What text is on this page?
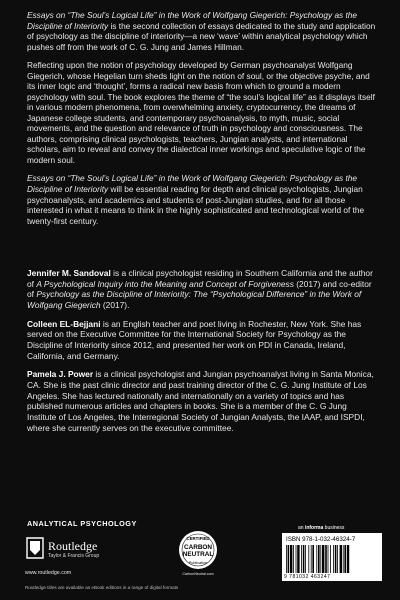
Essays on “The Soul’s Logical Life” in the Work of Wolfgang Giegerich: Psychology as the Discipline of Interiority is the second collection of essays dedicated to the study and application of psychology as the discipline of interiority—a new ‘wave’ within analytical psychology which pushes off from the work of C. G. Jung and James Hillman.

Reflecting upon the notion of psychology developed by German psychoanalyst Wolfgang Giegerich, whose Hegelian turn sheds light on the notion of soul, or the objective psyche, and its inner logic and ‘thought’, forms a radical new basis from which to ground a modern psychology with soul. The book explores the theme of “the soul’s logical life” as it displays itself in various modern phenomena, from overwhelming anxiety, cryptocurrency, the dreams of Japanese college students, and contemporary psychoanalysis, to myth, music, social movements, and the question and relevance of truth in psychology and consciousness. The authors, comprising clinical psychologists, teachers, Jungian analysts, and international scholars, aim to reveal and convey the dialectical inner workings and speculative logic of the modern soul.

Essays on “The Soul’s Logical Life” in the Work of Wolfgang Giegerich: Psychology as the Discipline of Interiority will be essential reading for depth and clinical psychologists, Jungian psychoanalysts, and academics and students of post-Jungian studies, and for all those interested in what it means to think in the highly sophisticated and technological world of the twenty-first century.

Jennifer M. Sandoval is a clinical psychologist residing in Southern California and the author of A Psychological Inquiry into the Meaning and Concept of Forgiveness (2017) and co-editor of Psychology as the Discipline of Interiority: The “Psychological Difference” in the Work of Wolfgang Giegerich (2017).

Colleen EL-Bejjani is an English teacher and poet living in Rochester, New York. She has served on the Executive Committee for the International Society for Psychology as the Discipline of Interiority since 2012, and presented her work on PDI in Canada, Ireland, California, and Germany.

Pamela J. Power is a clinical psychologist and Jungian psychoanalyst living in Santa Monica, CA. She is the past clinic director and past training director of the C. G. Jung Institute of Los Angeles. She has lectured nationally and internationally on a variety of topics and has published numerous articles and chapters in books. She is a member of the C. G Jung Institute of Los Angeles, the Interregional Society of Jungian Analysts, the IAAP, and ISPDI, where she currently serves on the executive committee.

ANALYTICAL PSYCHOLOGY
Routledge
Taylor & Francis Group
www.routledge.com
Routledge titles are available as eBook editions in a range of digital formats
CERTIFIED
CARBON
NEUTRAL
Publication
CarbonNeutral.com
an informa business
ISBN 978-1-032-46324-7
9 781032 463247
